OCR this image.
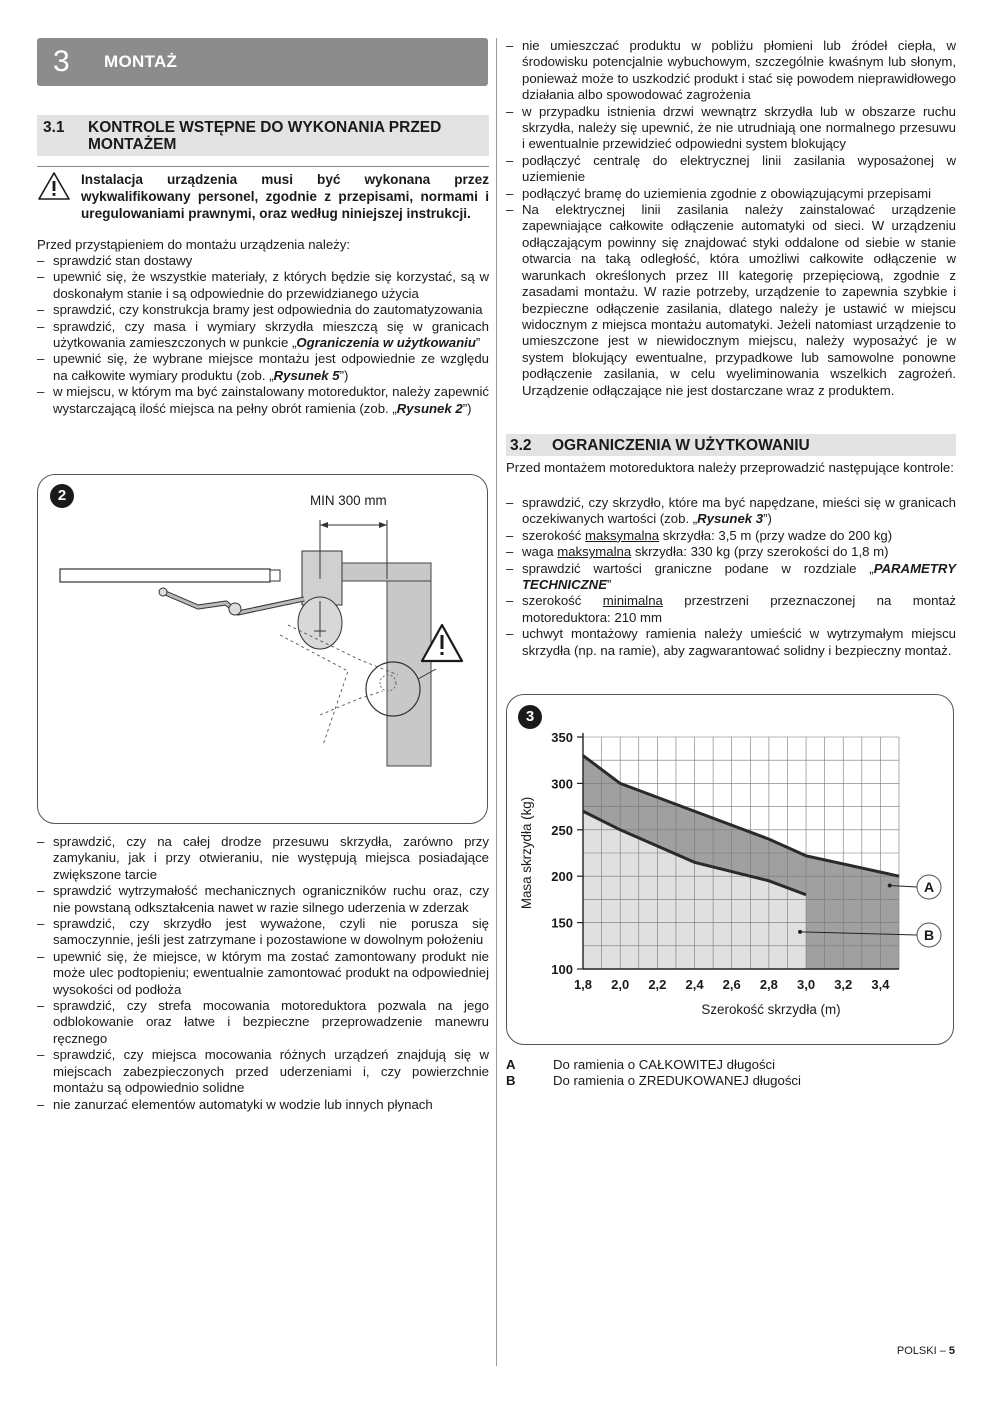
3 MONTAŻ
3.1 KONTROLE WSTĘPNE DO WYKONANIA PRZED MONTAŻEM
Instalacja urządzenia musi być wykonana przez wykwalifikowany personel, zgodnie z przepisami, normami i uregulowaniami prawnymi, oraz według niniejszej instrukcji.
Przed przystąpieniem do montażu urządzenia należy:
– sprawdzić stan dostawy
– upewnić się, że wszystkie materiały, z których będzie się korzystać, są w doskonałym stanie i są odpowiednie do przewidzianego użycia
– sprawdzić, czy konstrukcja bramy jest odpowiednia do zautomatyzowania
– sprawdzić, czy masa i wymiary skrzydła mieszczą się w granicach użytkowania zamieszczonych w punkcie „Ograniczenia w użytkowaniu”
– upewnić się, że wybrane miejsce montażu jest odpowiednie ze względu na całkowite wymiary produktu (zob. „Rysunek 5”)
– w miejscu, w którym ma być zainstalowany motoreduktor, należy zapewnić wystarczającą ilość miejsca na pełny obrót ramienia (zob. „Rysunek 2”)
2	MIN 300 mm
– sprawdzić, czy na całej drodze przesuwu skrzydła, zarówno przy zamykaniu, jak i przy otwieraniu, nie występują miejsca posiadające zwiększone tarcie
– sprawdzić wytrzymałość mechanicznych ograniczników ruchu oraz, czy nie powstaną odkształcenia nawet w razie silnego uderzenia w zderzak
– sprawdzić, czy skrzydło jest wyważone, czyli nie porusza się samoczynnie, jeśli jest zatrzymane i pozostawione w dowolnym położeniu
– upewnić się, że miejsce, w którym ma zostać zamontowany produkt nie może ulec podtopieniu; ewentualnie zamontować produkt na odpowiedniej wysokości od podłoża
– sprawdzić, czy strefa mocowania motoreduktora pozwala na jego odblokowanie oraz łatwe i bezpieczne przeprowadzenie manewru ręcznego
– sprawdzić, czy miejsca mocowania różnych urządzeń znajdują się w miejscach zabezpieczonych przed uderzeniami i, czy powierzchnie montażu są odpowiednio solidne
– nie zanurzać elementów automatyki w wodzie lub innych płynach
– nie umieszczać produktu w pobliżu płomieni lub źródeł ciepła, w środowisku potencjalnie wybuchowym, szczególnie kwaśnym lub słonym, ponieważ może to uszkodzić produkt i stać się powodem nieprawidłowego działania albo spowodować zagrożenia
– w przypadku istnienia drzwi wewnątrz skrzydła lub w obszarze ruchu skrzydła, należy się upewnić, że nie utrudniają one normalnego przesuwu i ewentualnie przewidzieć odpowiedni system blokujący
– podłączyć centralę do elektrycznej linii zasilania wyposażonej w uziemienie
– podłączyć bramę do uziemienia zgodnie z obowiązującymi przepisami
– Na elektrycznej linii zasilania należy zainstalować urządzenie zapewniające całkowite odłączenie automatyki od sieci. W urządzeniu odłączającym powinny się znajdować styki oddalone od siebie w stanie otwarcia na taką odległość, która umożliwi całkowite odłączenie w warunkach określonych przez III kategorię przepięciową, zgodnie z zasadami montażu. W razie potrzeby, urządzenie to zapewnia szybkie i bezpieczne odłączenie zasilania, dlatego należy je ustawić w miejscu widocznym z miejsca montażu automatyki. Jeżeli natomiast urządzenie to umieszczone jest w niewidocznym miejscu, należy wyposażyć je w system blokujący ewentualne, przypadkowe lub samowolne ponowne podłączenie zasilania, w celu wyeliminowania wszelkich zagrożeń. Urządzenie odłączające nie jest dostarczane wraz z produktem.
3.2 OGRANICZENIA W UŻYTKOWANIU
Przed montażem motoreduktora należy przeprowadzić następujące kontrole:
– sprawdzić, czy skrzydło, które ma być napędzane, mieści się w granicach oczekiwanych wartości (zob. „Rysunek 3”)
– szerokość maksymalna skrzydła: 3,5 m (przy wadze do 200 kg)
– waga maksymalna skrzydła: 330 kg (przy szerokości do 1,8 m)
– sprawdzić wartości graniczne podane w rozdziale „PARAMETRY TECHNICZNE”
– szerokość minimalna przestrzeni przeznaczonej na montaż motoreduktora: 210 mm
– uchwyt montażowy ramienia należy umieścić w wytrzymałym miejscu skrzydła (np. na ramie), aby zagwarantować solidny i bezpieczny montaż.
3
100
150
200
250
300
350
1,8 2,0 2,2 2,4 2,6 2,8 3,0 3,2 3,4
Szerokość skrzydła (m)
Masa skrzydła (kg)	A
B
A	Do ramienia o CAŁKOWITEJ długości
B	Do ramienia o ZREDUKOWANEJ długości
POLSKI – 5
